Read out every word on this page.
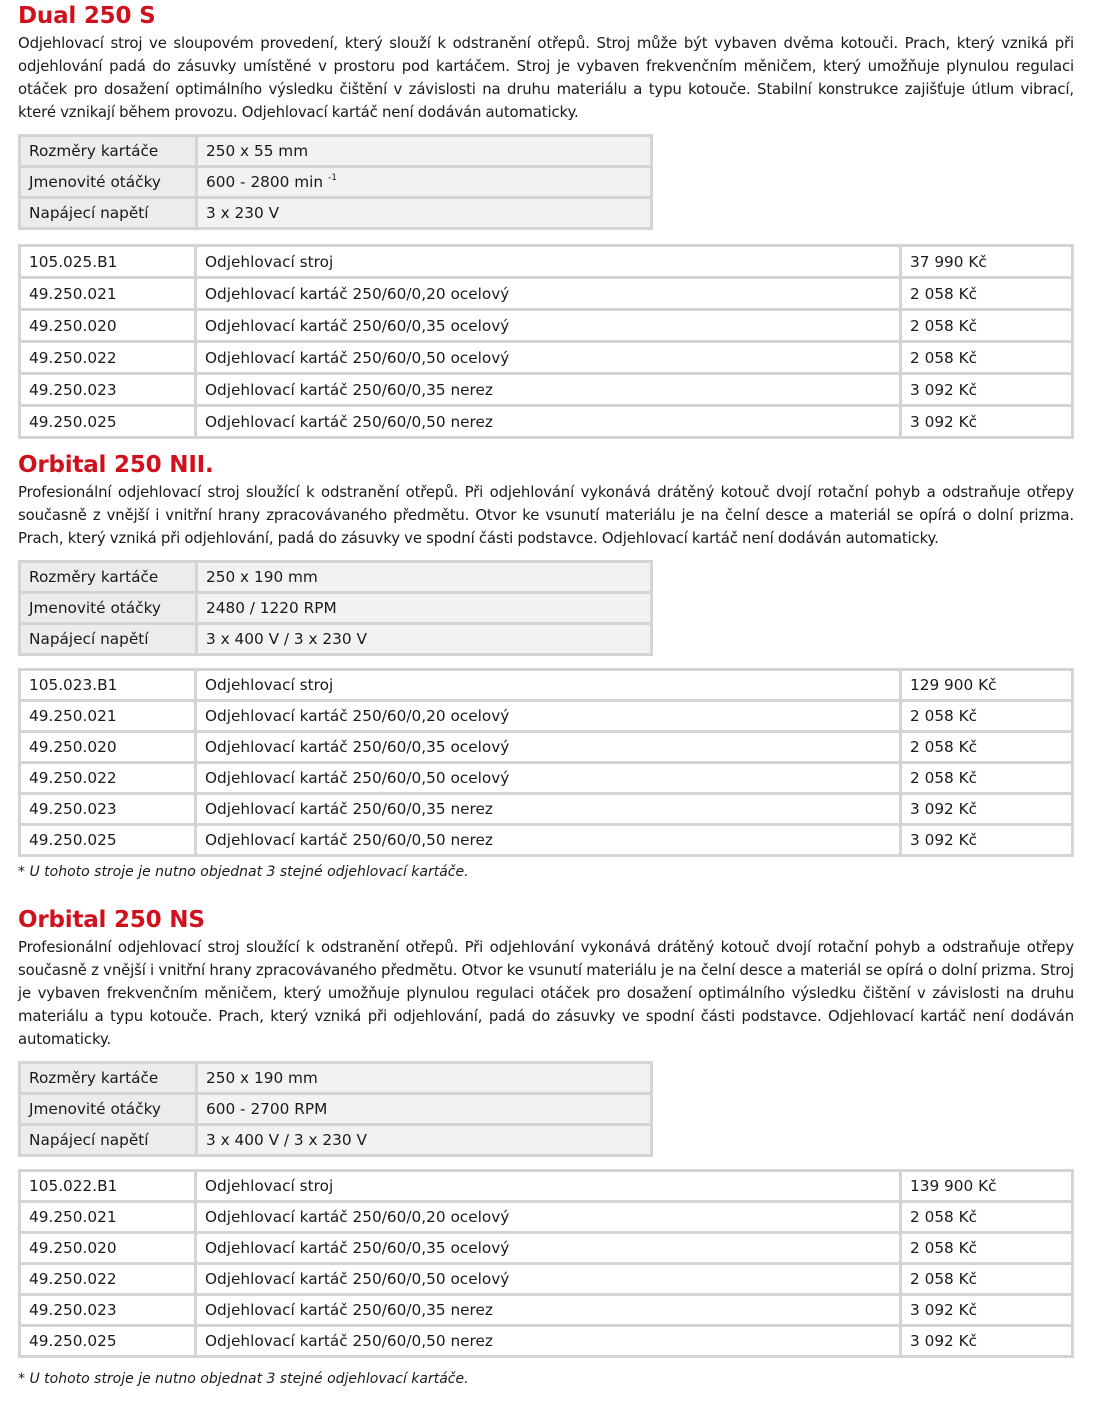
Dual 250 S

Odjehlovací stroj ve sloupovém provedení, který slouží k odstranění otřepů. Stroj může být vybaven dvěma kotouči. Prach, který vzniká při odjehlování padá do zásuvky umístěné v prostoru pod kartáčem. Stroj je vybaven frekvenčním měničem, který umožňuje plynulou regulaci otáček pro dosažení optimálního výsledku čištění v závislosti na druhu materiálu a typu kotouče. Stabilní konstrukce zajišťuje útlum vibrací, které vznikají během provozu. Odjehlovací kartáč není dodáván automaticky.

Rozměry kartáče	250 x 55 mm
Jmenovité otáčky	600 - 2800 min $^{-1}$
Napájecí napětí	3 x 230 V
105.025.B1	Odjehlovací stroj	37 990 Kč
49.250.021	Odjehlovací kartáč 250/60/0,20 ocelový	2 058 Kč
49.250.020	Odjehlovací kartáč 250/60/0,35 ocelový	2 058 Kč
49.250.022	Odjehlovací kartáč 250/60/0,50 ocelový	2 058 Kč
49.250.023	Odjehlovací kartáč 250/60/0,35 nerez	3 092 Kč
49.250.025	Odjehlovací kartáč 250/60/0,50 nerez	3 092 Kč
Orbital 250 NII.

Profesionální odjehlovací stroj sloužící k odstranění otřepů. Při odjehlování vykonává drátěný kotouč dvojí rotační pohyb a odstraňuje otřepy současně z vnější i vnitřní hrany zpracovávaného předmětu. Otvor ke vsunutí materiálu je na čelní desce a materiál se opírá o dolní prizma. Prach, který vzniká při odjehlování, padá do zásuvky ve spodní části podstavce. Odjehlovací kartáč není dodáván automaticky.

Rozměry kartáče	250 x 190 mm
Jmenovité otáčky	2480 / 1220 RPM
Napájecí napětí	3 x 400 V / 3 x 230 V
105.023.B1	Odjehlovací stroj	129 900 Kč
49.250.021	Odjehlovací kartáč 250/60/0,20 ocelový	2 058 Kč
49.250.020	Odjehlovací kartáč 250/60/0,35 ocelový	2 058 Kč
49.250.022	Odjehlovací kartáč 250/60/0,50 ocelový	2 058 Kč
49.250.023	Odjehlovací kartáč 250/60/0,35 nerez	3 092 Kč
49.250.025	Odjehlovací kartáč 250/60/0,50 nerez	3 092 Kč

* U tohoto stroje je nutno objednat 3 stejné odjehlovací kartáče.

Orbital 250 NS

Profesionální odjehlovací stroj sloužící k odstranění otřepů. Při odjehlování vykonává drátěný kotouč dvojí rotační pohyb a odstraňuje otřepy současně z vnější i vnitřní hrany zpracovávaného předmětu. Otvor ke vsunutí materiálu je na čelní desce a materiál se opírá o dolní prizma. Stroj je vybaven frekvenčním měničem, který umožňuje plynulou regulaci otáček pro dosažení optimálního výsledku čištění v závislosti na druhu materiálu a typu kotouče. Prach, který vzniká při odjehlování, padá do zásuvky ve spodní části podstavce. Odjehlovací kartáč není dodáván automaticky.

Rozměry kartáče	250 x 190 mm
Jmenovité otáčky	600 - 2700 RPM
Napájecí napětí	3 x 400 V / 3 x 230 V
105.022.B1	Odjehlovací stroj	139 900 Kč
49.250.021	Odjehlovací kartáč 250/60/0,20 ocelový	2 058 Kč
49.250.020	Odjehlovací kartáč 250/60/0,35 ocelový	2 058 Kč
49.250.022	Odjehlovací kartáč 250/60/0,50 ocelový	2 058 Kč
49.250.023	Odjehlovací kartáč 250/60/0,35 nerez	3 092 Kč
49.250.025	Odjehlovací kartáč 250/60/0,50 nerez	3 092 Kč

* U tohoto stroje je nutno objednat 3 stejné odjehlovací kartáče.
